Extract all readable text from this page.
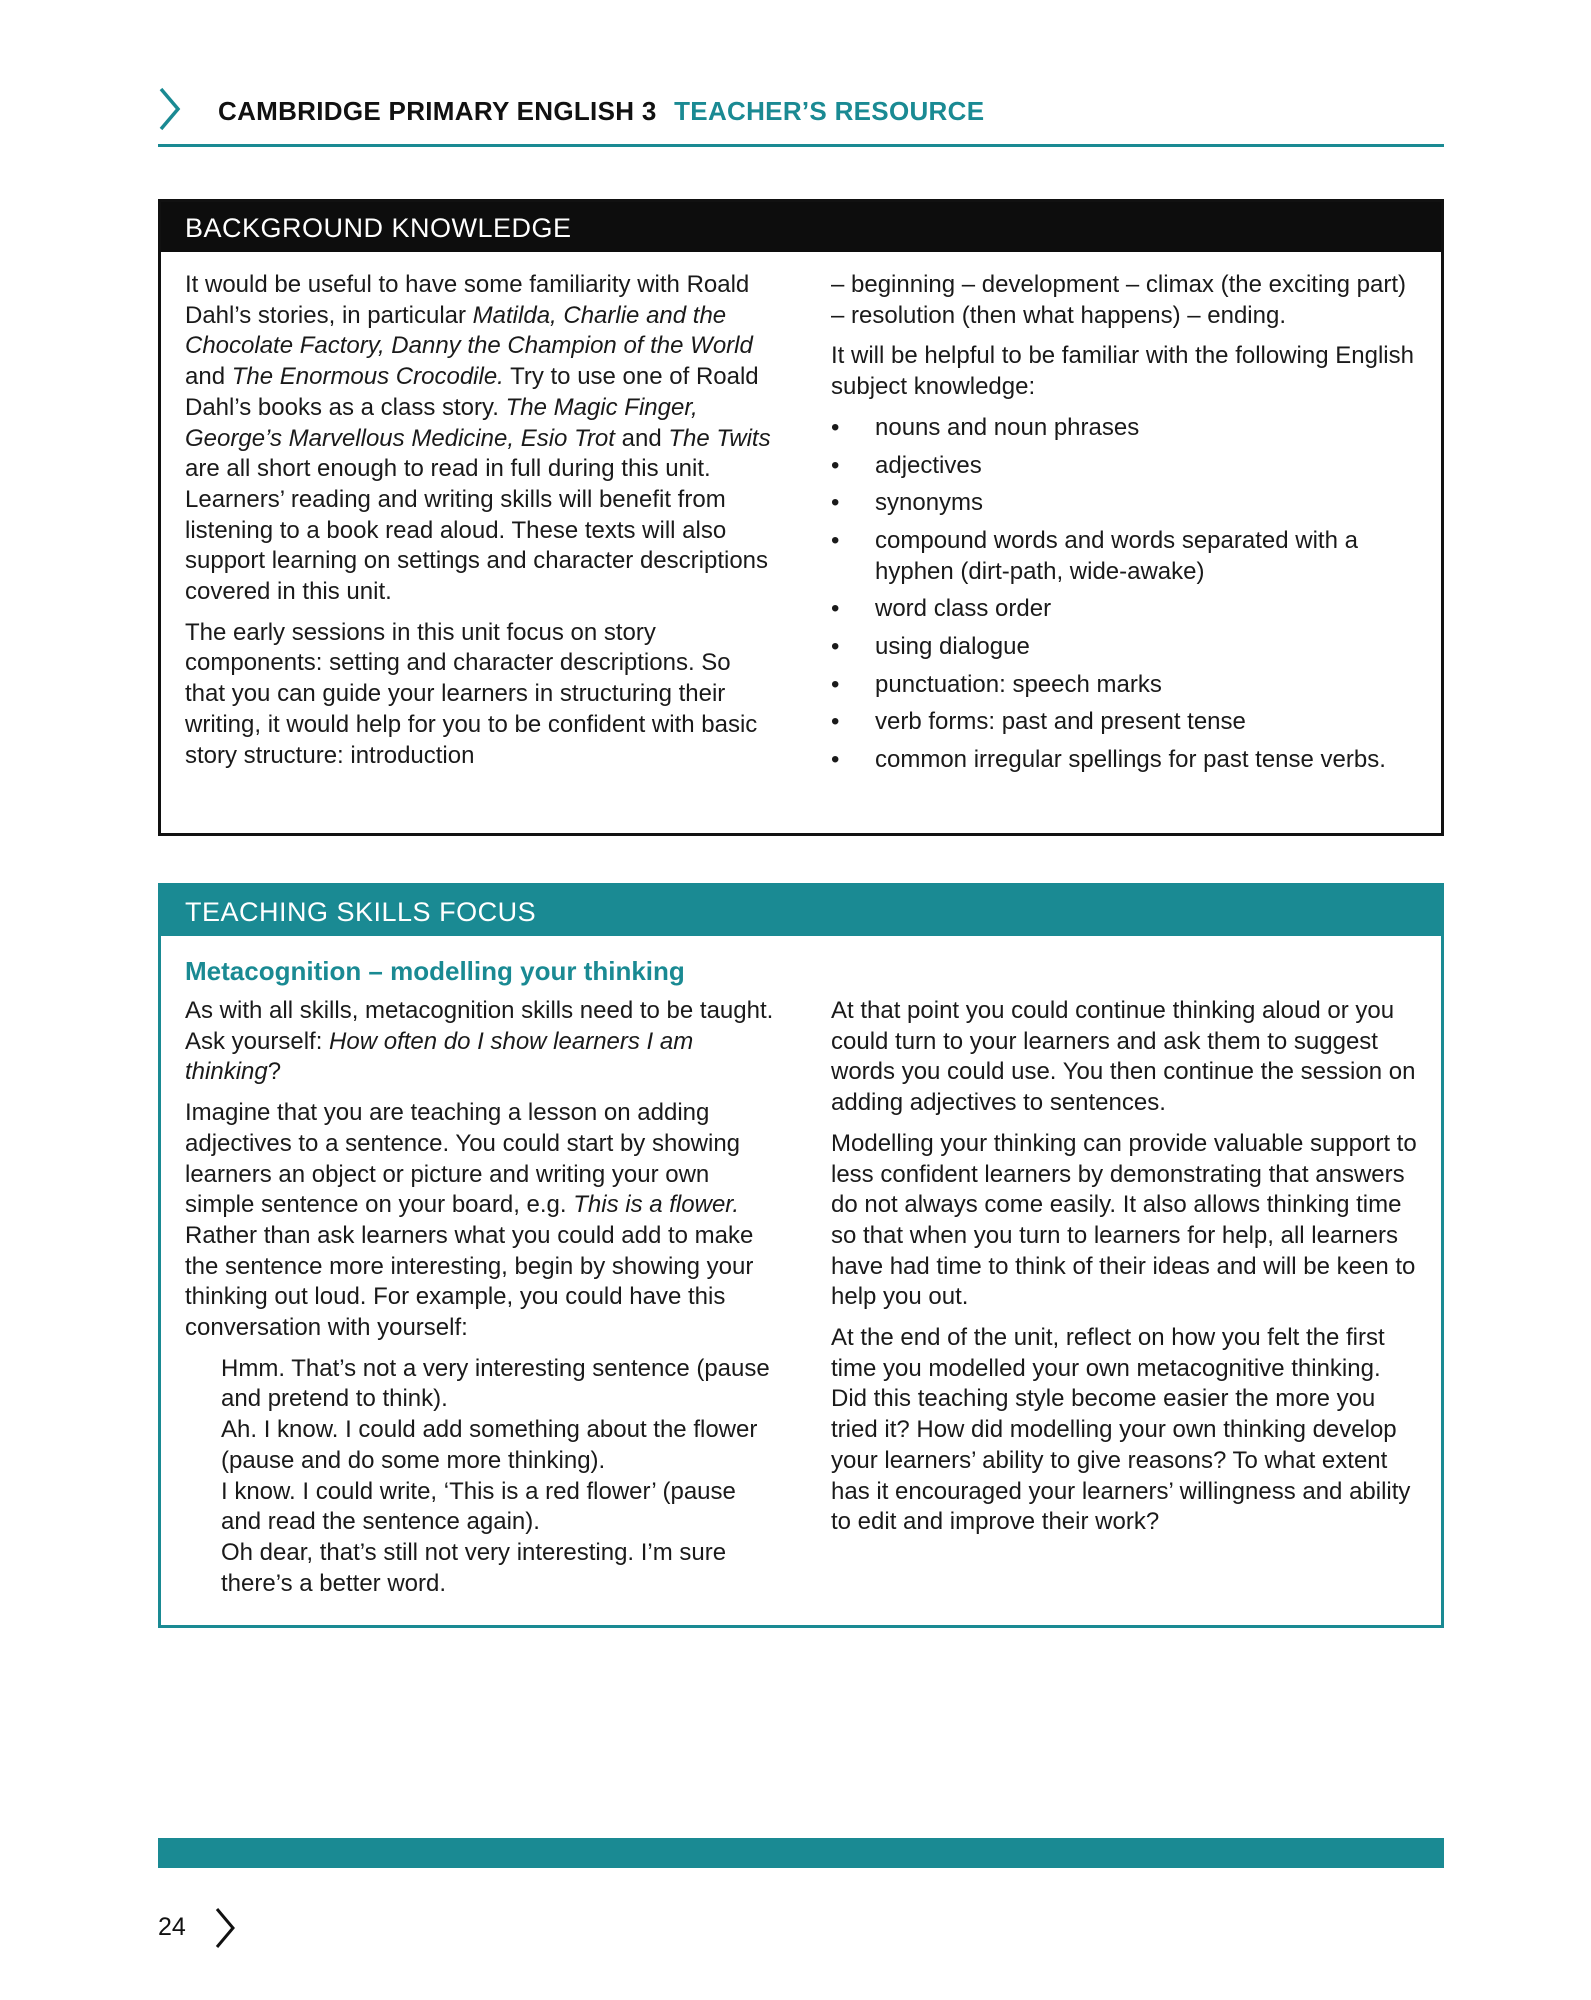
CAMBRIDGE PRIMARY ENGLISH 3 TEACHER’S RESOURCE
BACKGROUND KNOWLEDGE

It would be useful to have some familiarity with Roald Dahl’s stories, in particular Matilda, Charlie and the Chocolate Factory, Danny the Champion of the World and The Enormous Crocodile. Try to use one of Roald Dahl’s books as a class story. The Magic Finger, George’s Marvellous Medicine, Esio Trot and The Twits are all short enough to read in full during this unit. Learners’ reading and writing skills will benefit from listening to a book read aloud. These texts will also support learning on settings and character descriptions covered in this unit.

The early sessions in this unit focus on story components: setting and character descriptions. So that you can guide your learners in structuring their writing, it would help for you to be confident with basic story structure: introduction

– beginning – development – climax (the exciting part) – resolution (then what happens) – ending.

It will be helpful to be familiar with the following English subject knowledge:

• nouns and noun phrases
• adjectives
• synonyms
• compound words and words separated with a hyphen (dirt-path, wide-awake)
• word class order
• using dialogue
• punctuation: speech marks
• verb forms: past and present tense
• common irregular spellings for past tense verbs.
TEACHING SKILLS FOCUS
Metacognition – modelling your thinking

As with all skills, metacognition skills need to be taught. Ask yourself: How often do I show learners I am thinking?

Imagine that you are teaching a lesson on adding adjectives to a sentence. You could start by showing learners an object or picture and writing your own simple sentence on your board, e.g. This is a flower. Rather than ask learners what you could add to make the sentence more interesting, begin by showing your thinking out loud. For example, you could have this conversation with yourself:

Hmm. That’s not a very interesting sentence (pause and pretend to think).

Ah. I know. I could add something about the flower (pause and do some more thinking).

I know. I could write, ‘This is a red flower’ (pause and read the sentence again).

Oh dear, that’s still not very interesting. I’m sure there’s a better word.

At that point you could continue thinking aloud or you could turn to your learners and ask them to suggest words you could use. You then continue the session on adding adjectives to sentences.

Modelling your thinking can provide valuable support to less confident learners by demonstrating that answers do not always come easily. It also allows thinking time so that when you turn to learners for help, all learners have had time to think of their ideas and will be keen to help you out.

At the end of the unit, reflect on how you felt the first time you modelled your own metacognitive thinking. Did this teaching style become easier the more you tried it? How did modelling your own thinking develop your learners’ ability to give reasons? To what extent has it encouraged your learners’ willingness and ability to edit and improve their work?

24
